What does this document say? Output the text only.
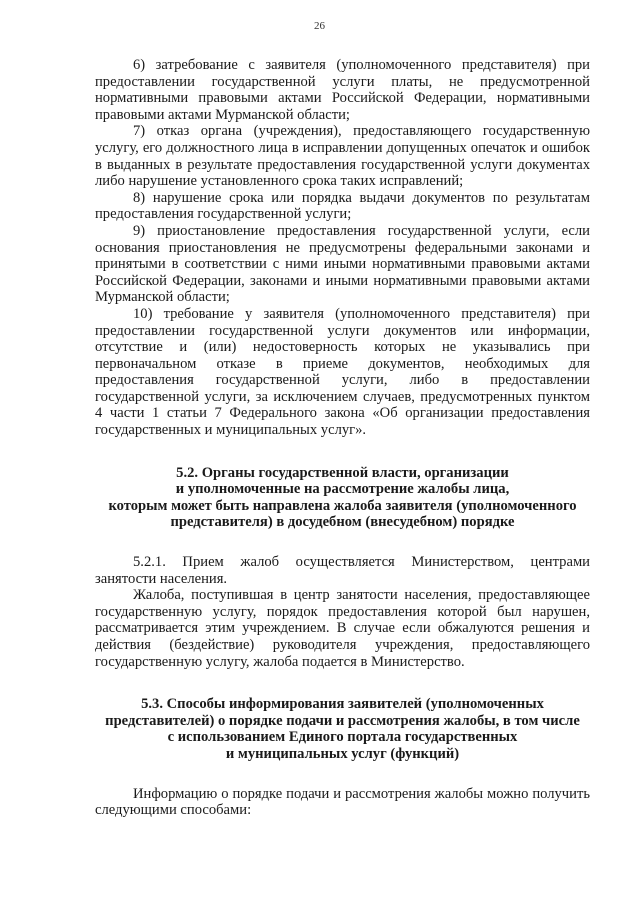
26

6) затребование с заявителя (уполномоченного представителя) при предоставлении государственной услуги платы, не предусмотренной нормативными правовыми актами Российской Федерации, нормативными правовыми актами Мурманской области;

7) отказ органа (учреждения), предоставляющего государственную услугу, его должностного лица в исправлении допущенных опечаток и ошибок в выданных в результате предоставления государственной услуги документах либо нарушение установленного срока таких исправлений;

8) нарушение срока или порядка выдачи документов по результатам предоставления государственной услуги;

9) приостановление предоставления государственной услуги, если основания приостановления не предусмотрены федеральными законами и принятыми в соответствии с ними иными нормативными правовыми актами Российской Федерации, законами и иными нормативными правовыми актами Мурманской области;

10) требование у заявителя (уполномоченного представителя) при предоставлении государственной услуги документов или информации, отсутствие и (или) недостоверность которых не указывались при первоначальном отказе в приеме документов, необходимых для предоставления государственной услуги, либо в предоставлении государственной услуги, за исключением случаев, предусмотренных пунктом 4 части 1 статьи 7 Федерального закона «Об организации предоставления государственных и муниципальных услуг».

5.2. Органы государственной власти, организации
и уполномоченные на рассмотрение жалобы лица,
которым может быть направлена жалоба заявителя (уполномоченного
представителя) в досудебном (внесудебном) порядке

5.2.1. Прием жалоб осуществляется Министерством, центрами занятости населения.

Жалоба, поступившая в центр занятости населения, предоставляющее государственную услугу, порядок предоставления которой был нарушен, рассматривается этим учреждением. В случае если обжалуются решения и действия (бездействие) руководителя учреждения, предоставляющего государственную услугу, жалоба подается в Министерство.

5.3. Способы информирования заявителей (уполномоченных
представителей) о порядке подачи и рассмотрения жалобы, в том числе
с использованием Единого портала государственных
и муниципальных услуг (функций)

Информацию о порядке подачи и рассмотрения жалобы можно получить следующими способами:
